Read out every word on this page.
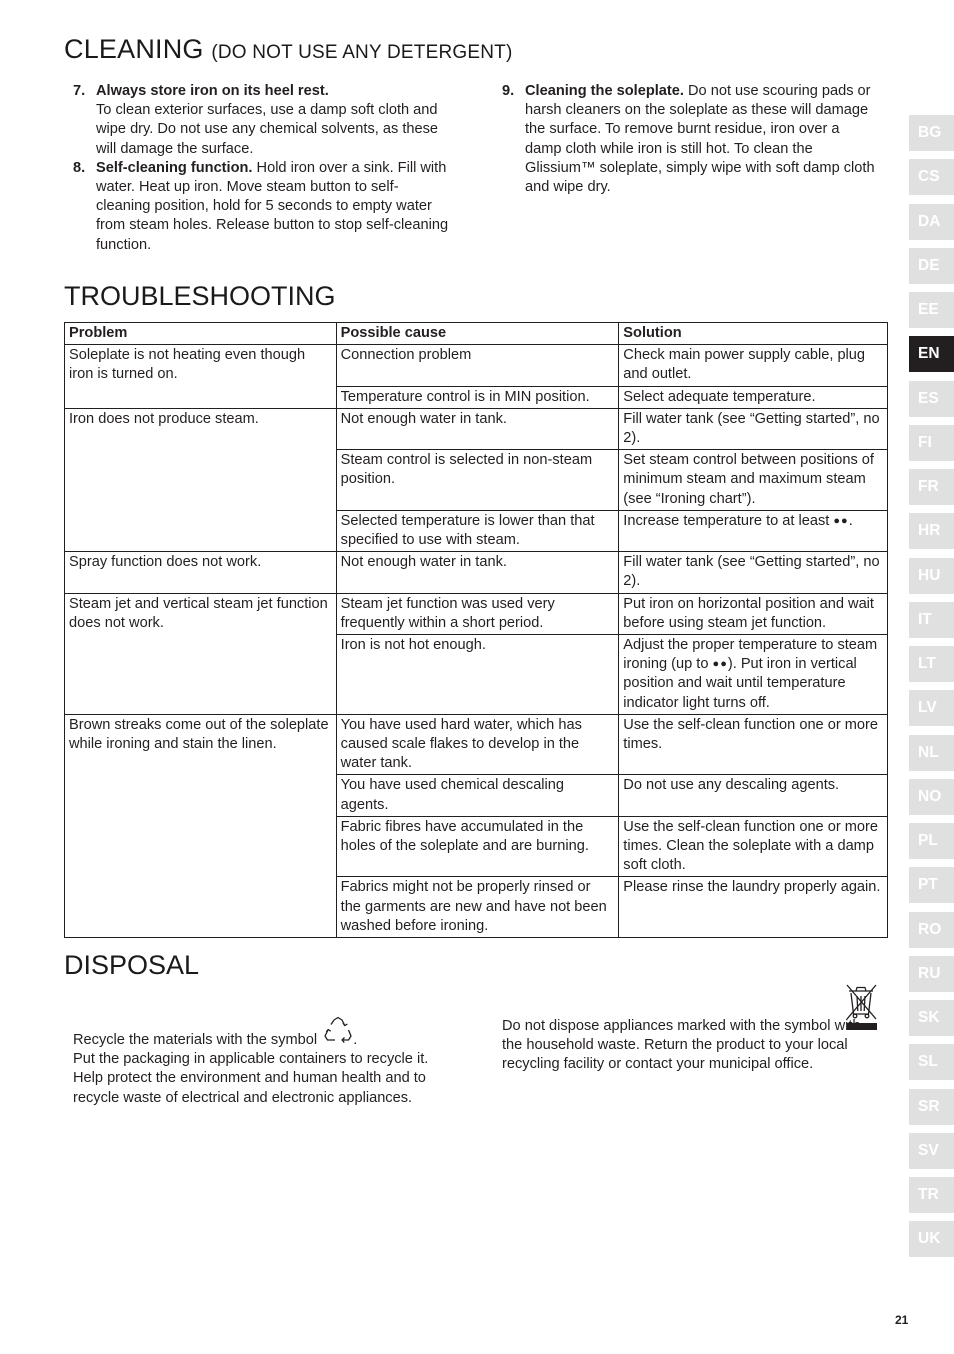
CLEANING (DO NOT USE ANY DETERGENT)
7. Always store iron on its heel rest.
To clean exterior surfaces, use a damp soft cloth and wipe dry. Do not use any chemical solvents, as these will damage the surface.
8. Self-cleaning function. Hold iron over a sink. Fill with water. Heat up iron. Move steam button to self-cleaning position, hold for 5 seconds to empty water from steam holes. Release button to stop self-cleaning function.
9. Cleaning the soleplate. Do not use scouring pads or harsh cleaners on the soleplate as these will damage the surface. To remove burnt residue, iron over a damp cloth while iron is still hot. To clean the Glissium™ soleplate, simply wipe with soft damp cloth and wipe dry.
TROUBLESHOOTING
Problem	Possible cause	Solution
Soleplate is not heating even though iron is turned on.	Connection problem	Check main power supply cable, plug and outlet.
	Temperature control is in MIN position.	Select adequate temperature.
Iron does not produce steam.	Not enough water in tank.	Fill water tank (see “Getting started”, no 2).
	Steam control is selected in non-steam position.	Set steam control between positions of minimum steam and maximum steam (see “Ironing chart”).
	Selected temperature is lower than that specified to use with steam.	Increase temperature to at least ●●.
Spray function does not work.	Not enough water in tank.	Fill water tank (see “Getting started”, no 2).
Steam jet and vertical steam jet function does not work.	Steam jet function was used very frequently within a short period.	Put iron on horizontal position and wait before using steam jet function.
	Iron is not hot enough.	Adjust the proper temperature to steam ironing (up to ●●). Put iron in vertical position and wait until temperature indicator light turns off.
Brown streaks come out of the soleplate while ironing and stain the linen.	You have used hard water, which has caused scale flakes to develop in the water tank.	Use the self-clean function one or more times.
	You have used chemical descaling agents.	Do not use any descaling agents.
	Fabric fibres have accumulated in the holes of the soleplate and are burning.	Use the self-clean function one or more times. Clean the soleplate with a damp soft cloth.
	Fabrics might not be properly rinsed or the garments are new and have not been washed before ironing.	Please rinse the laundry properly again.
DISPOSAL
Recycle the materials with the symbol .
Put the packaging in applicable containers to recycle it. Help protect the environment and human health and to recycle waste of electrical and electronic appliances.
Do not dispose appliances marked with the symbol with the household waste. Return the product to your local recycling facility or contact your municipal office.
BG
CS
DA
DE
EE
EN
ES
FI
FR
HR
HU
IT
LT
LV
NL
NO
PL
PT
RO
RU
SK
SL
SR
SV
TR
UK
21
